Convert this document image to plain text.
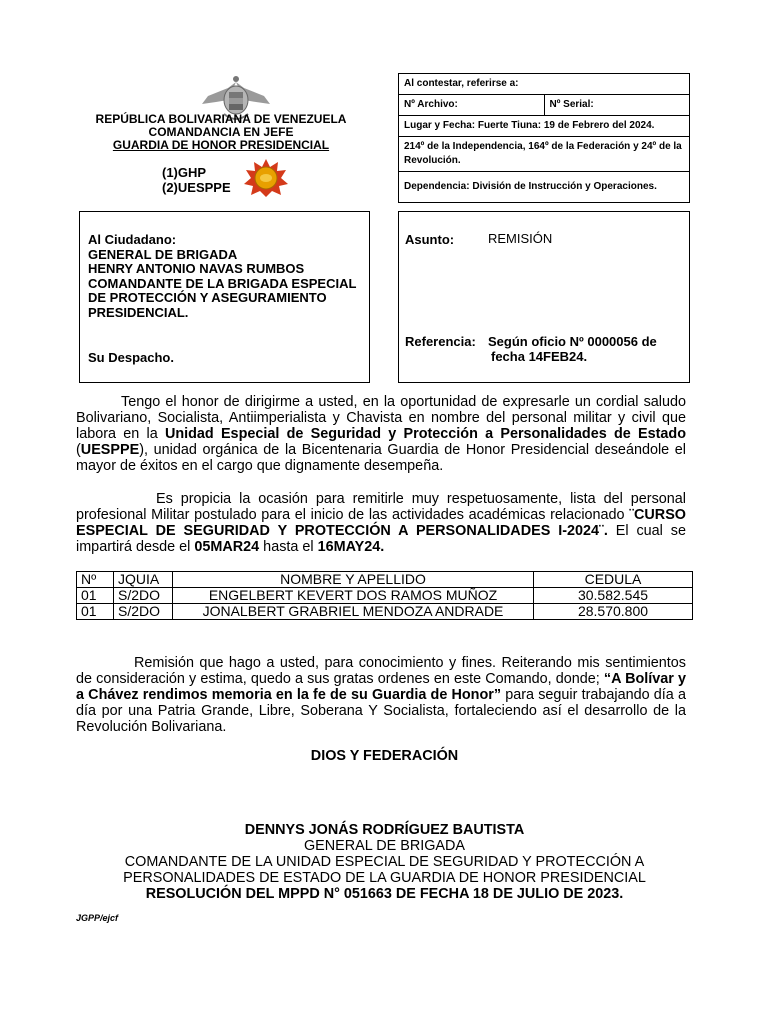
REPÚBLICA BOLIVARIANA DE VENEZUELA
COMANDANCIA EN JEFE
GUARDIA DE HONOR PRESIDENCIAL
(1)GHP
(2)UESPPE
Al contestar, referirse a:
Nº Archivo:	Nº Serial:
Lugar y Fecha: Fuerte Tiuna: 19 de Febrero del 2024.
214º de la Independencia, 164º de la Federación y 24º de la Revolución.
Dependencia: División de Instrucción y Operaciones.
Al Ciudadano:
GENERAL DE BRIGADA
HENRY ANTONIO NAVAS RUMBOS
COMANDANTE DE LA BRIGADA ESPECIAL DE PROTECCIÓN Y ASEGURAMIENTO PRESIDENCIAL.
Su Despacho.
Asunto:	REMISIÓN
Referencia: Según oficio Nº 0000056 de
fecha 14FEB24.

Tengo el honor de dirigirme a usted, en la oportunidad de expresarle un cordial saludo Bolivariano, Socialista, Antiimperialista y Chavista en nombre del personal militar y civil que labora en la Unidad Especial de Seguridad y Protección a Personalidades de Estado (UESPPE), unidad orgánica de la Bicentenaria Guardia de Honor Presidencial deseándole el mayor de éxitos en el cargo que dignamente desempeña.

Es propicia la ocasión para remitirle muy respetuosamente, lista del personal profesional Militar postulado para el inicio de las actividades académicas relacionado ¨CURSO ESPECIAL DE SEGURIDAD Y PROTECCIÓN A PERSONALIDADES I-2024¨. El cual se impartirá desde el 05MAR24 hasta el 16MAY24.

Nº	JQUIA	NOMBRE Y APELLIDO	CEDULA
01	S/2DO	ENGELBERT KEVERT DOS RAMOS MUÑOZ	30.582.545
01	S/2DO	JONALBERT GRABRIEL MENDOZA ANDRADE	28.570.800

Remisión que hago a usted, para conocimiento y fines. Reiterando mis sentimientos de consideración y estima, quedo a sus gratas ordenes en este Comando, donde; “A Bolívar y a Chávez rendimos memoria en la fe de su Guardia de Honor” para seguir trabajando día a día por una Patria Grande, Libre, Soberana Y Socialista, fortaleciendo así el desarrollo de la Revolución Bolivariana.

DIOS Y FEDERACIÓN
DENNYS JONÁS RODRÍGUEZ BAUTISTA
GENERAL DE BRIGADA
COMANDANTE DE LA UNIDAD ESPECIAL DE SEGURIDAD Y PROTECCIÓN A
PERSONALIDADES DE ESTADO DE LA GUARDIA DE HONOR PRESIDENCIAL
RESOLUCIÓN DEL MPPD N° 051663 DE FECHA 18 DE JULIO DE 2023.
JGPP/ejcf
